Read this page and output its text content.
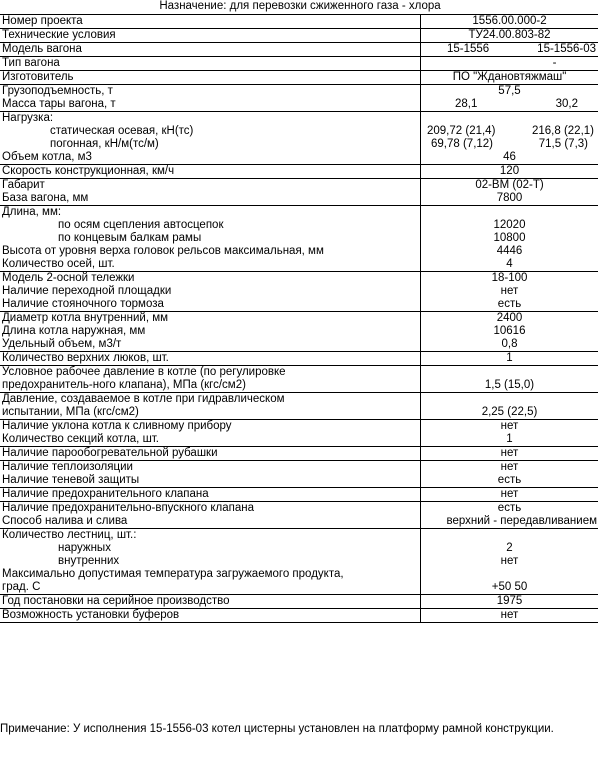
Назначение: для перевозки сжиженного газа - хлора
Номер проекта	1556.00.000-2
Технические условия	ТУ24.00.803-82
Модель вагона	15-1556 15-1556-03

Тип вагона	-
Изготовитель	ПО "Ждановтяжмаш"
Грузоподъемность, т	57,5
Масса тары вагона, т	28,1 30,2

Нагрузка:	
статическая осевая, кН(тс)	209,72 (21,4) 216,8 (22,1)

погонная, кН/м(тс/м)	69,78 (7,12) 71,5 (7,3)

Объем котла, м3	46
Скорость конструкционная, км/ч	120
Габарит	02-ВМ (02-Т)
База вагона, мм	7800
Длина, мм:	
по осям сцепления автосцепок	12020
по концевым балкам рамы	10800
Высота от уровня верха головок рельсов максимальная, мм	4446
Количество осей, шт.	4
Модель 2-осной тележки	18-100
Наличие переходной площадки	нет
Наличие стояночного тормоза	есть
Диаметр котла внутренний, мм	2400
Длина котла наружная, мм	10616
Удельный объем, м3/т	0,8
Количество верхних люков, шт.	1

Условное рабочее давление в котле (по регулировке
предохранитель-ного клапана), МПа (кгс/см2)	1,5 (15,0)

Давление, создаваемое в котле при гидравлическом
испытании, МПа (кгс/см2)	2,25 (22,5)
Наличие уклона котла к сливному прибору	нет
Количество секций котла, шт.	1
Наличие парообогревательной рубашки	нет
Наличие теплоизоляции	нет
Наличие теневой защиты	есть
Наличие предохранительного клапана	нет
Наличие предохранительно-впускного клапана	есть
Способ налива и слива	верхний - передавливанием
Количество лестниц, шт.:	
наружных	2
внутренних	нет

Максимально допустимая температура загружаемого продукта,
град. С	+50 50
Год постановки на серийное производство	1975
Возможность установки буферов	нет
Примечание: У исполнения 15-1556-03 котел цистерны установлен на платформу рамной конструкции.
